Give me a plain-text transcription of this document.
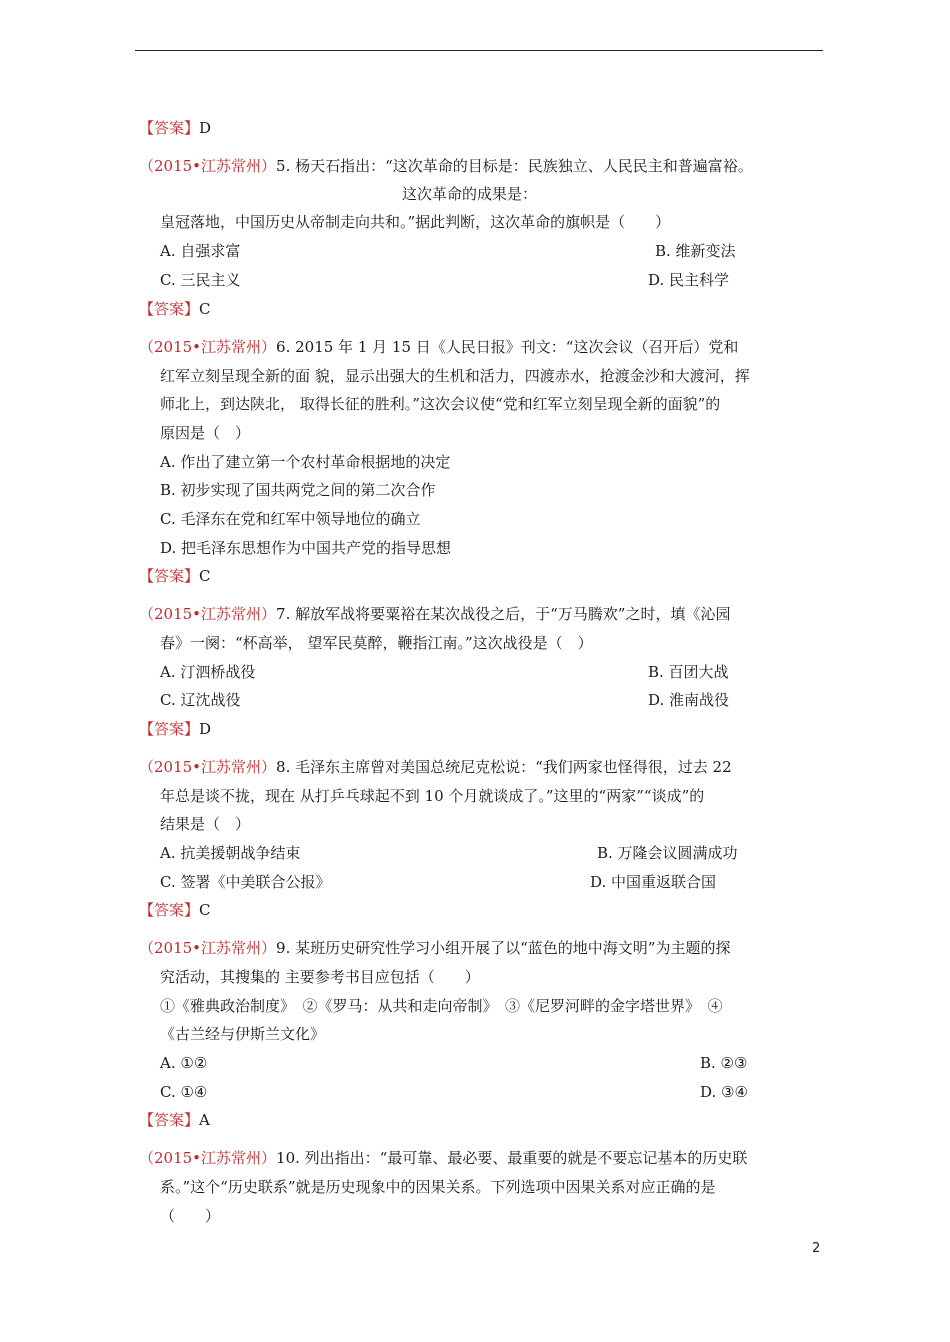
【答案】D
（2015•江苏常州）5. 杨天石指出：“这次革命的目标是：民族独立、人民民主和普遍富裕。
这次革命的成果是：
皇冠落地，中国历史从帝制走向共和。”据此判断，这次革命的旗帜是（　　）
A. 自强求富	B. 维新变法
C. 三民主义	D. 民主科学
【答案】C
（2015•江苏常州）6. 2015 年 1 月 15 日《人民日报》刊文：“这次会议（召开后）党和
红军立刻呈现全新的面 貌，显示出强大的生机和活力，四渡赤水，抢渡金沙和大渡河，挥
师北上，到达陕北， 取得长征的胜利。”这次会议使“党和红军立刻呈现全新的面貌”的
原因是（　）
A. 作出了建立第一个农村革命根据地的决定
B. 初步实现了国共两党之间的第二次合作
C. 毛泽东在党和红军中领导地位的确立
D. 把毛泽东思想作为中国共产党的指导思想
【答案】C
（2015•江苏常州）7. 解放军战将要粟裕在某次战役之后，于“万马腾欢”之时，填《沁园
春》一阕：“杯高举， 望军民莫醉，鞭指江南。”这次战役是（　）
A. 汀泗桥战役	B. 百团大战
C. 辽沈战役	D. 淮南战役
【答案】D
（2015•江苏常州）8. 毛泽东主席曾对美国总统尼克松说：“我们两家也怪得很，过去 22
年总是谈不拢，现在 从打乒乓球起不到 10 个月就谈成了。”这里的“两家”“谈成”的
结果是（　）
A. 抗美援朝战争结束	B. 万隆会议圆满成功
C. 签署《中美联合公报》	D. 中国重返联合国
【答案】C
（2015•江苏常州）9. 某班历史研究性学习小组开展了以“蓝色的地中海文明”为主题的探
究活动，其搜集的 主要参考书目应包括（　　）
①《雅典政治制度》　②《罗马：从共和走向帝制》　③《尼罗河畔的金字塔世界》　④
《古兰经与伊斯兰文化》
A. ①②	B. ②③
C. ①④	D. ③④
【答案】A
（2015•江苏常州）10. 列出指出：“最可靠、最必要、最重要的就是不要忘记基本的历史联
系。”这个“历史联系”就是历史现象中的因果关系。下列选项中因果关系对应正确的是
（　　）
2
